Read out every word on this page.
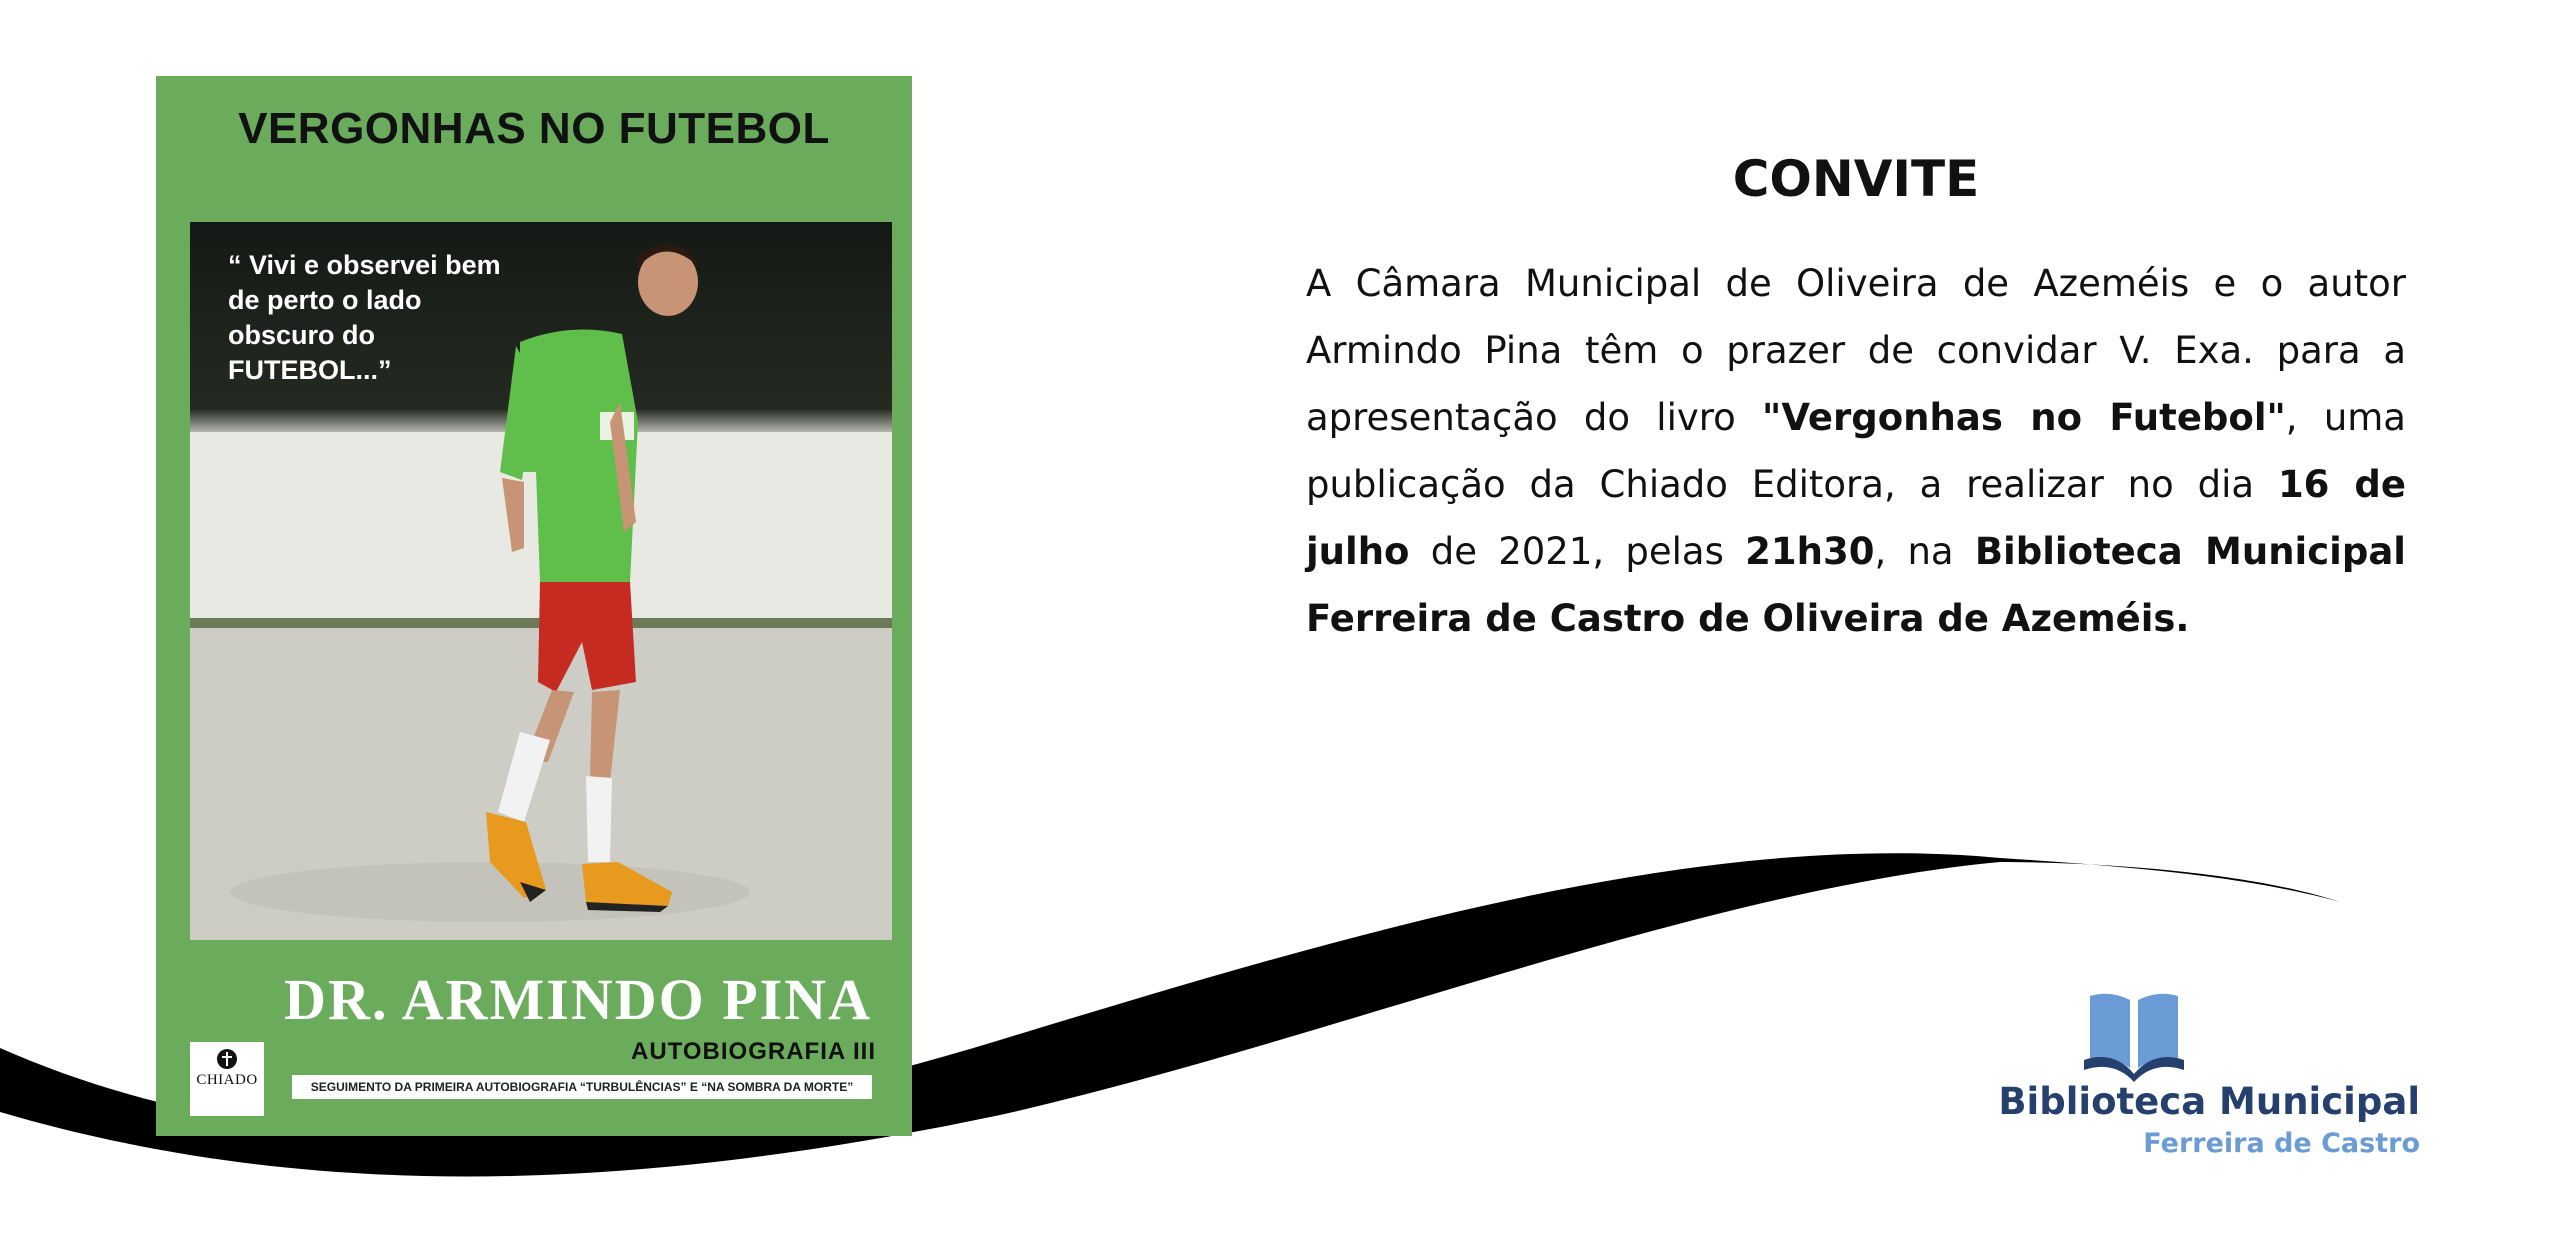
VERGONHAS NO FUTEBOL
“ Vivi e observei bem de perto o lado obscuro do FUTEBOL...”
DR. ARMINDO PINA
AUTOBIOGRAFIA III
CHIADO	SEGUIMENTO DA PRIMEIRA AUTOBIOGRAFIA “TURBULÊNCIAS” E “NA SOMBRA DA MORTE”
CONVITE
A Câmara Municipal de Oliveira de Azeméis e o autor Armindo Pina têm o prazer de convidar V. Exa. para a apresentação do livro "Vergonhas no Futebol", uma publicação da Chiado Editora, a realizar no dia 16 de julho de 2021, pelas 21h30, na Biblioteca Municipal Ferreira de Castro de Oliveira de Azeméis.
Biblioteca Municipal
Ferreira de Castro
